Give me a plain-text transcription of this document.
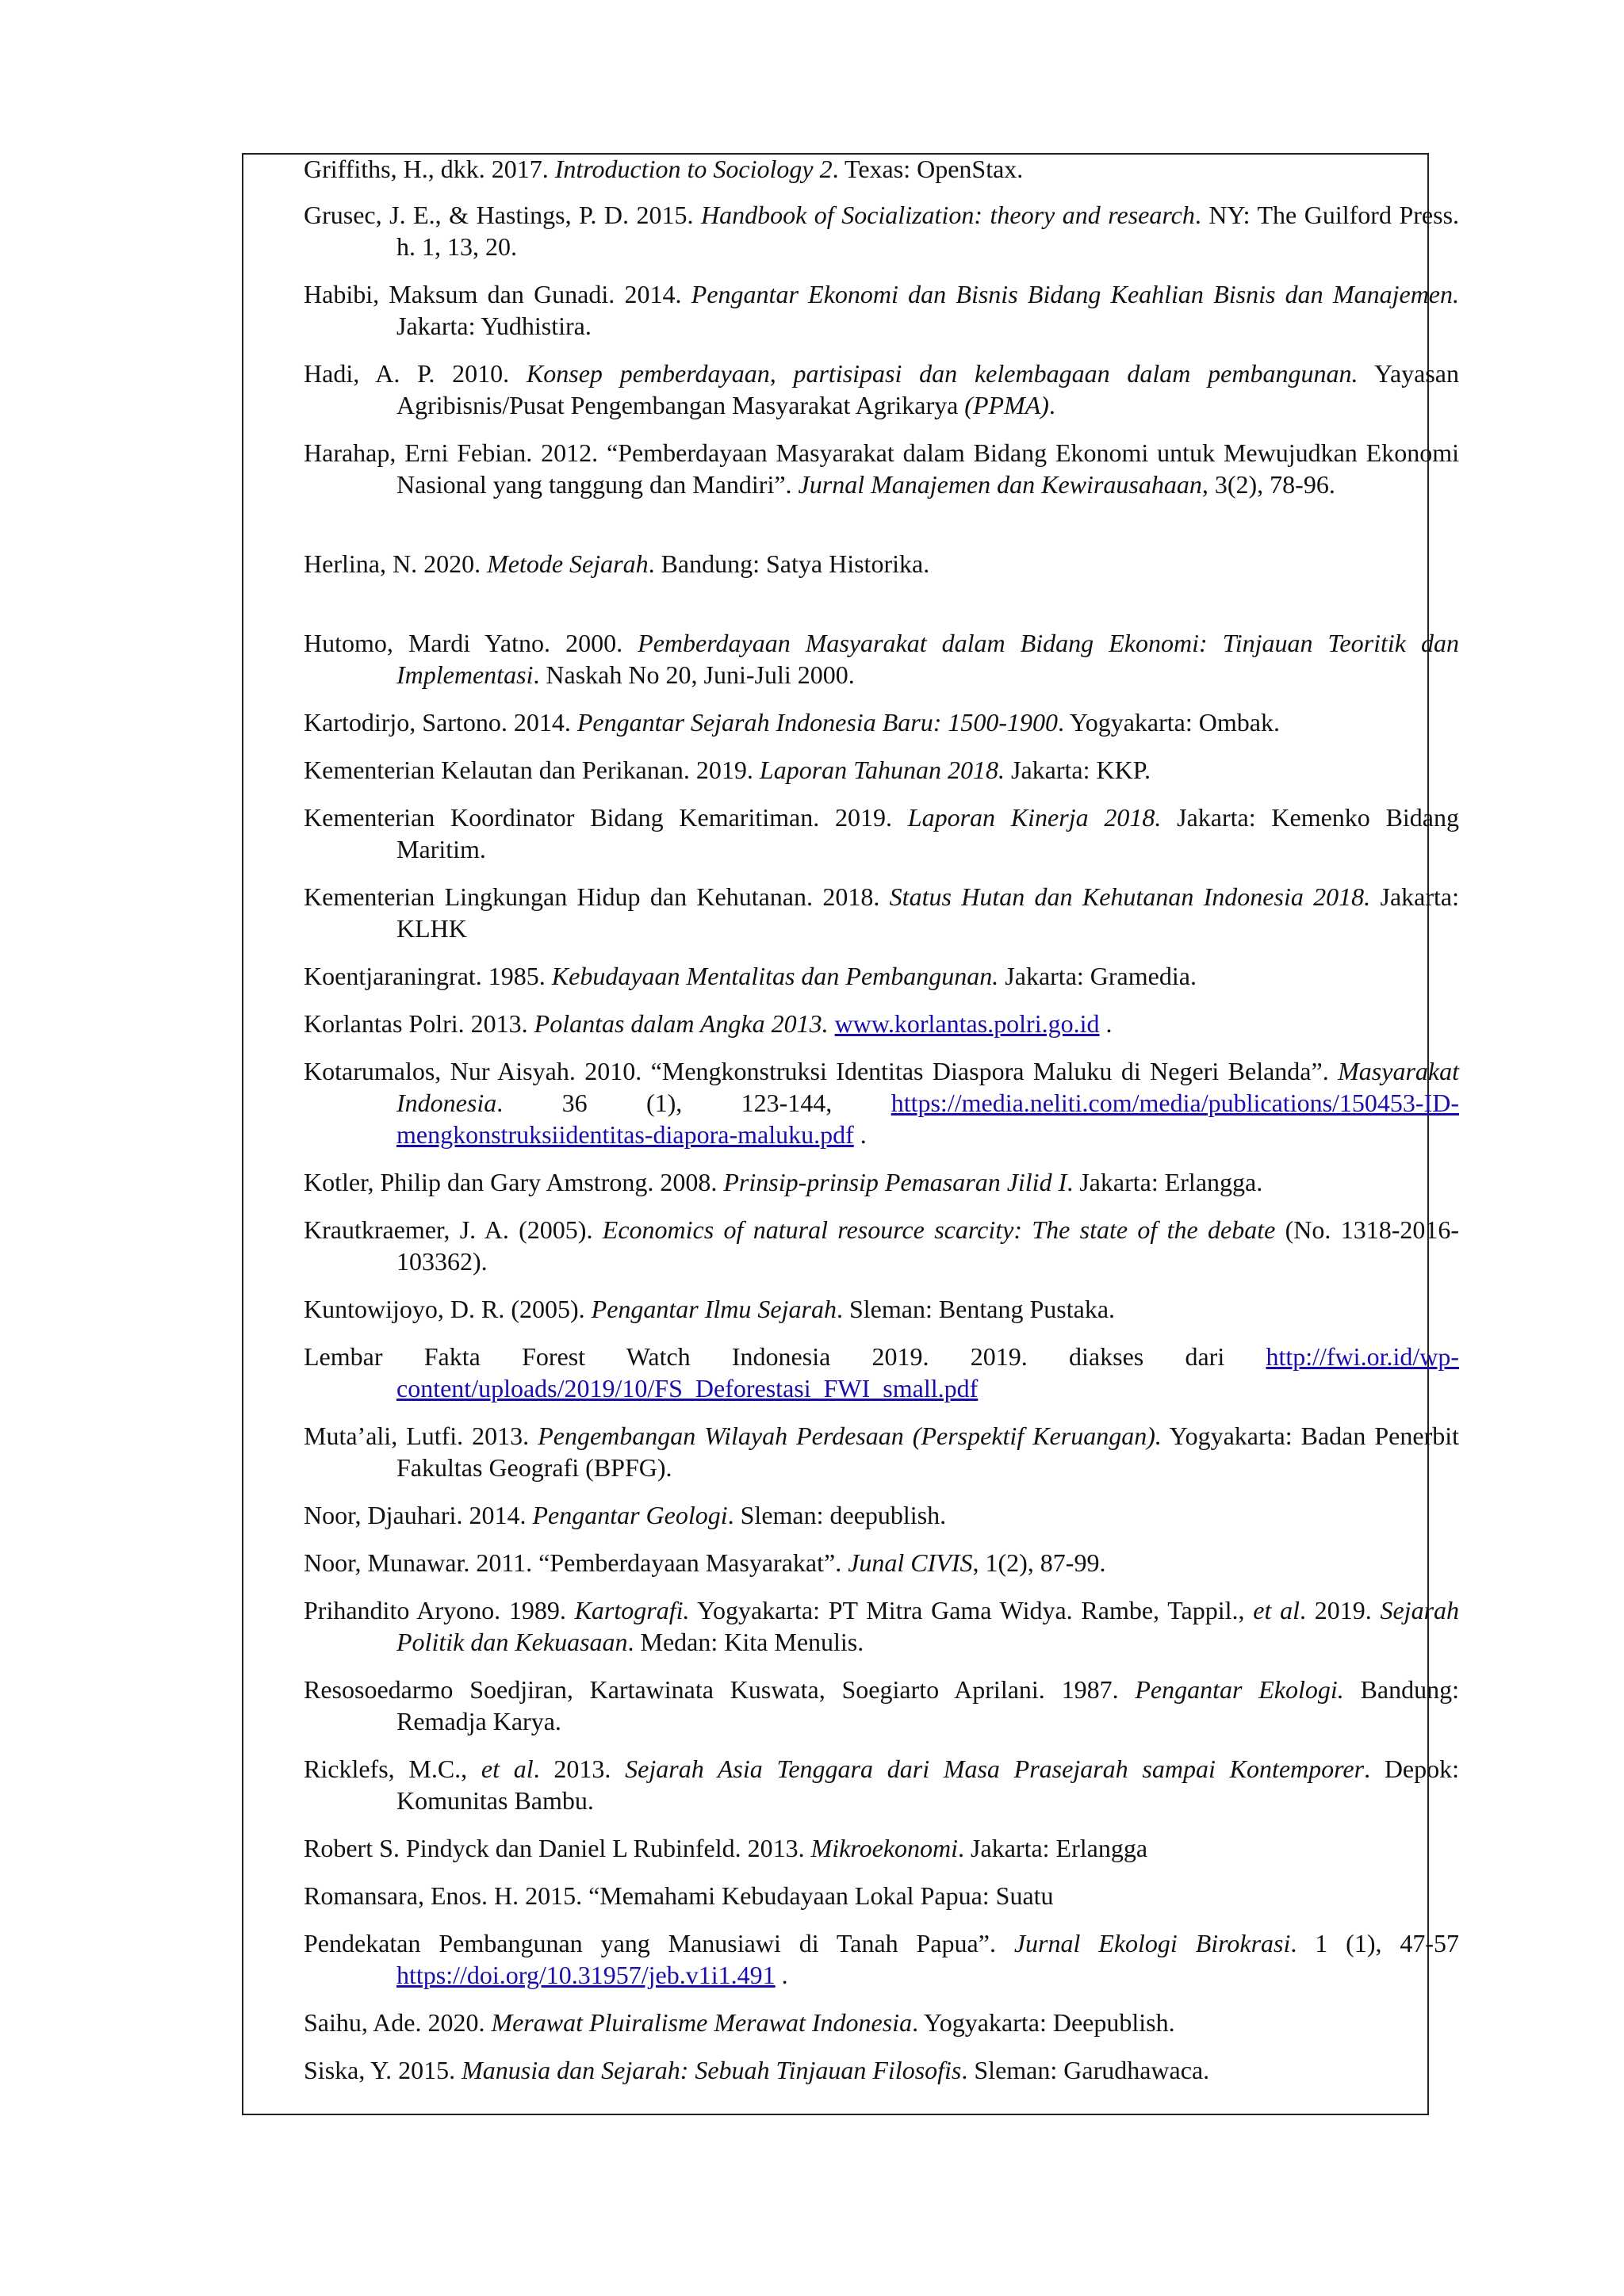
Griffiths, H., dkk. 2017. Introduction to Sociology 2. Texas: OpenStax.
Grusec, J. E., & Hastings, P. D. 2015. Handbook of Socialization: theory and research. NY: The Guilford Press. h. 1, 13, 20.
Habibi, Maksum dan Gunadi. 2014. Pengantar Ekonomi dan Bisnis Bidang Keahlian Bisnis dan Manajemen. Jakarta: Yudhistira.
Hadi, A. P. 2010. Konsep pemberdayaan, partisipasi dan kelembagaan dalam pembangunan. Yayasan Agribisnis/Pusat Pengembangan Masyarakat Agrikarya (PPMA).
Harahap, Erni Febian. 2012. “Pemberdayaan Masyarakat dalam Bidang Ekonomi untuk Mewujudkan Ekonomi Nasional yang tanggung dan Mandiri”. Jurnal Manajemen dan Kewirausahaan, 3(2), 78-96.
Herlina, N. 2020. Metode Sejarah. Bandung: Satya Historika.
Hutomo, Mardi Yatno. 2000. Pemberdayaan Masyarakat dalam Bidang Ekonomi: Tinjauan Teoritik dan Implementasi. Naskah No 20, Juni-Juli 2000.
Kartodirjo, Sartono. 2014. Pengantar Sejarah Indonesia Baru: 1500-1900. Yogyakarta: Ombak.
Kementerian Kelautan dan Perikanan. 2019. Laporan Tahunan 2018. Jakarta: KKP.
Kementerian Koordinator Bidang Kemaritiman. 2019. Laporan Kinerja 2018. Jakarta: Kemenko Bidang Maritim.
Kementerian Lingkungan Hidup dan Kehutanan. 2018. Status Hutan dan Kehutanan Indonesia 2018. Jakarta: KLHK
Koentjaraningrat. 1985. Kebudayaan Mentalitas dan Pembangunan. Jakarta: Gramedia.
Korlantas Polri. 2013. Polantas dalam Angka 2013. www.korlantas.polri.go.id .
Kotarumalos, Nur Aisyah. 2010. “Mengkonstruksi Identitas Diaspora Maluku di Negeri Belanda”. Masyarakat Indonesia. 36 (1), 123-144, https://media.neliti.com/media/publications/150453-ID-mengkonstruksiidentitas-diapora-maluku.pdf .
Kotler, Philip dan Gary Amstrong. 2008. Prinsip-prinsip Pemasaran Jilid I. Jakarta: Erlangga.
Krautkraemer, J. A. (2005). Economics of natural resource scarcity: The state of the debate (No. 1318-2016-103362).
Kuntowijoyo, D. R. (2005). Pengantar Ilmu Sejarah. Sleman: Bentang Pustaka.
Lembar Fakta Forest Watch Indonesia 2019. 2019. diakses dari http://fwi.or.id/wp-content/uploads/2019/10/FS_Deforestasi_FWI_small.pdf
Muta’ali, Lutfi. 2013. Pengembangan Wilayah Perdesaan (Perspektif Keruangan). Yogyakarta: Badan Penerbit Fakultas Geografi (BPFG).
Noor, Djauhari. 2014. Pengantar Geologi. Sleman: deepublish.
Noor, Munawar. 2011. “Pemberdayaan Masyarakat”. Junal CIVIS, 1(2), 87-99.
Prihandito Aryono. 1989. Kartografi. Yogyakarta: PT Mitra Gama Widya. Rambe, Tappil., et al. 2019. Sejarah Politik dan Kekuasaan. Medan: Kita Menulis.
Resosoedarmo Soedjiran, Kartawinata Kuswata, Soegiarto Aprilani. 1987. Pengantar Ekologi. Bandung: Remadja Karya.
Ricklefs, M.C., et al. 2013. Sejarah Asia Tenggara dari Masa Prasejarah sampai Kontemporer. Depok: Komunitas Bambu.
Robert S. Pindyck dan Daniel L Rubinfeld. 2013. Mikroekonomi. Jakarta: Erlangga
Romansara, Enos. H. 2015. “Memahami Kebudayaan Lokal Papua: Suatu
Pendekatan Pembangunan yang Manusiawi di Tanah Papua”. Jurnal Ekologi Birokrasi. 1 (1), 47-57 https://doi.org/10.31957/jeb.v1i1.491 .
Saihu, Ade. 2020. Merawat Pluiralisme Merawat Indonesia. Yogyakarta: Deepublish.
Siska, Y. 2015. Manusia dan Sejarah: Sebuah Tinjauan Filosofis. Sleman: Garudhawaca.
